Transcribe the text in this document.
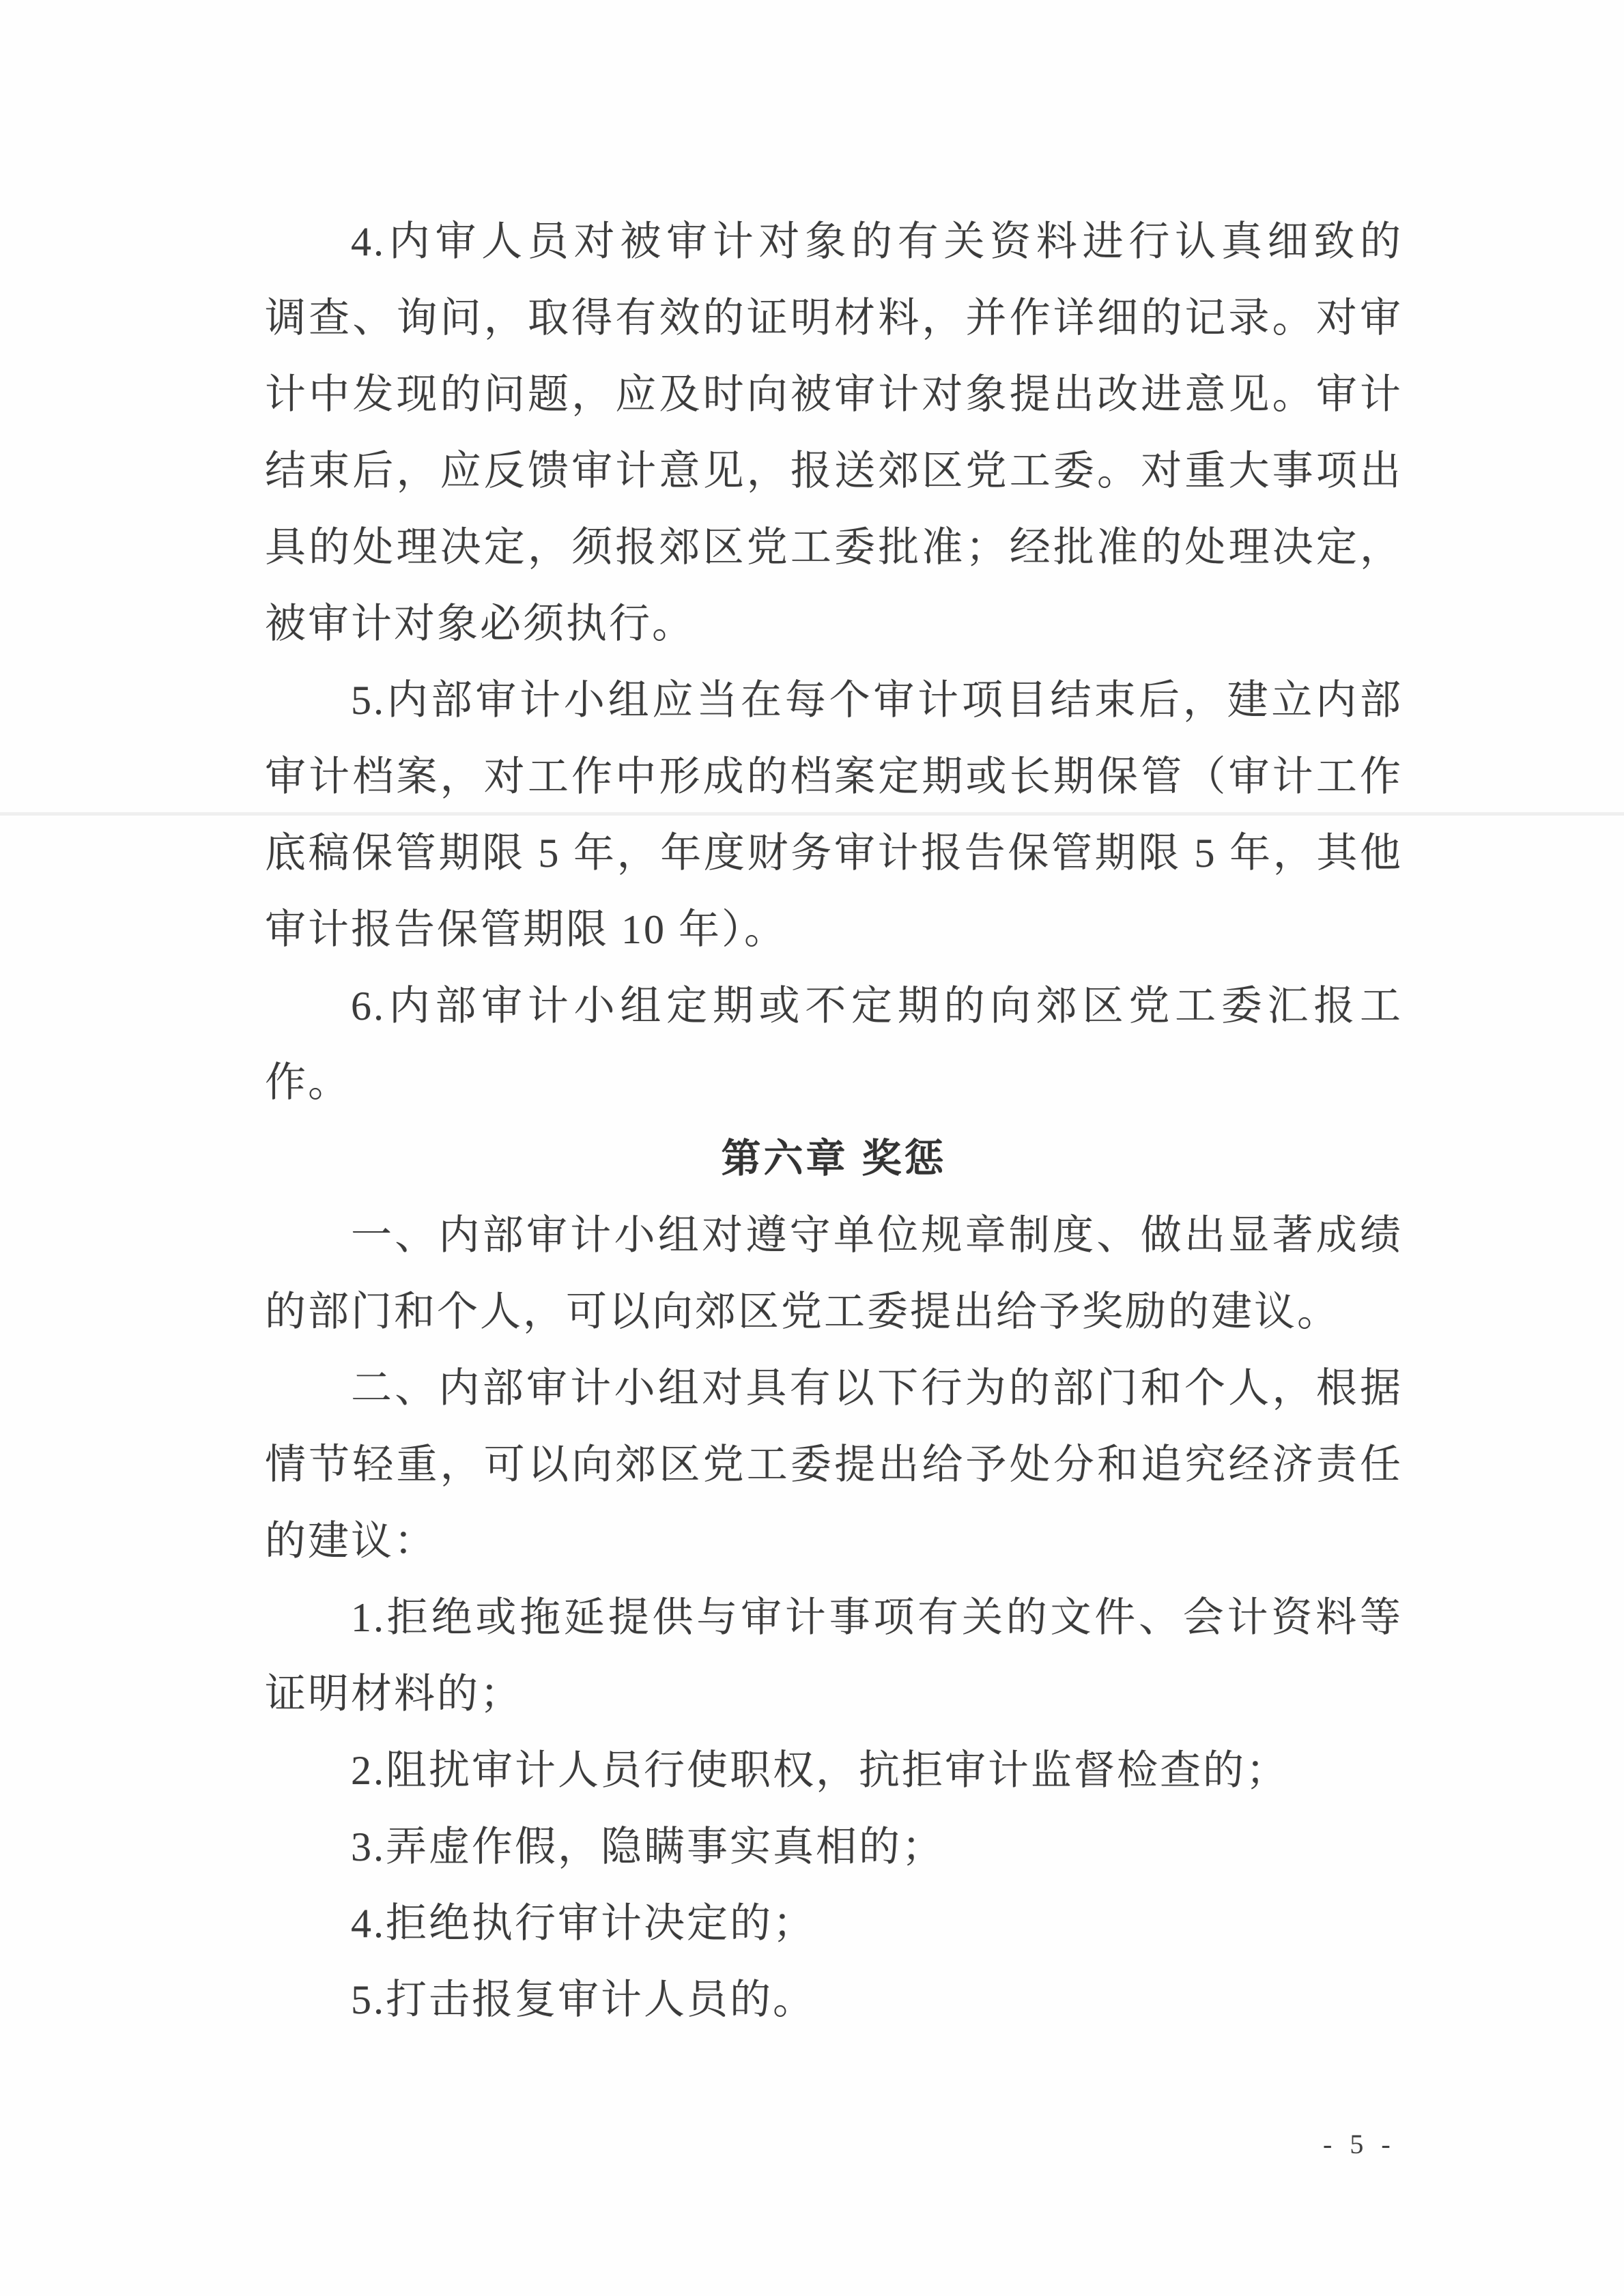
4.内审人员对被审计对象的有关资料进行认真细致的
调查、询问，取得有效的证明材料，并作详细的记录。对审
计中发现的问题，应及时向被审计对象提出改进意见。审计
结束后，应反馈审计意见，报送郊区党工委。对重大事项出
具的处理决定，须报郊区党工委批准；经批准的处理决定，
被审计对象必须执行。
5.内部审计小组应当在每个审计项目结束后，建立内部
审计档案，对工作中形成的档案定期或长期保管（审计工作
底稿保管期限 5 年，年度财务审计报告保管期限 5 年，其他
审计报告保管期限 10 年）。
6.内部审计小组定期或不定期的向郊区党工委汇报工
作。
第六章 奖惩
一、内部审计小组对遵守单位规章制度、做出显著成绩
的部门和个人，可以向郊区党工委提出给予奖励的建议。
二、内部审计小组对具有以下行为的部门和个人，根据
情节轻重，可以向郊区党工委提出给予处分和追究经济责任
的建议：
1.拒绝或拖延提供与审计事项有关的文件、会计资料等
证明材料的；
2.阻扰审计人员行使职权，抗拒审计监督检查的；
3.弄虚作假，隐瞒事实真相的；
4.拒绝执行审计决定的；
5.打击报复审计人员的。
- 5 -
